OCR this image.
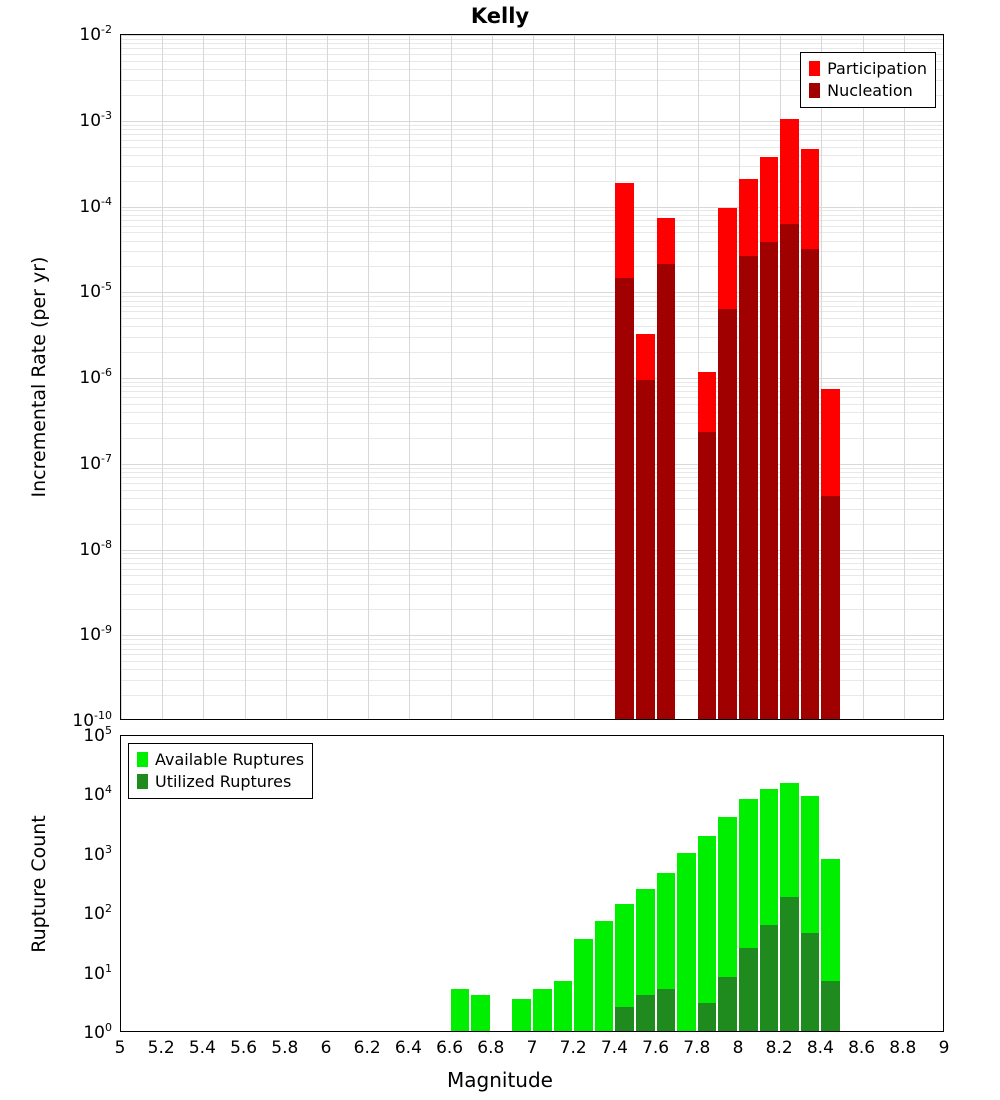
Kelly
$10^{-2}$
$10^{-3}$
$10^{-4}$
$10^{-5}$
$10^{-6}$
$10^{-7}$
$10^{-8}$
$10^{-9}$
$10^{-10}$
Incremental Rate (per yr)
Participation
Nucleation
$10^5$
$10^4$
$10^3$
$10^2$
$10^1$
$10^0$
Rupture Count
Available Ruptures
Utilized Ruptures
5 5.2 5.4 5.6 5.8 6 6.2 6.4 6.6 6.8 7 7.2 7.4 7.6 7.8 8 8.2 8.4 8.6 8.8 9
Magnitude
